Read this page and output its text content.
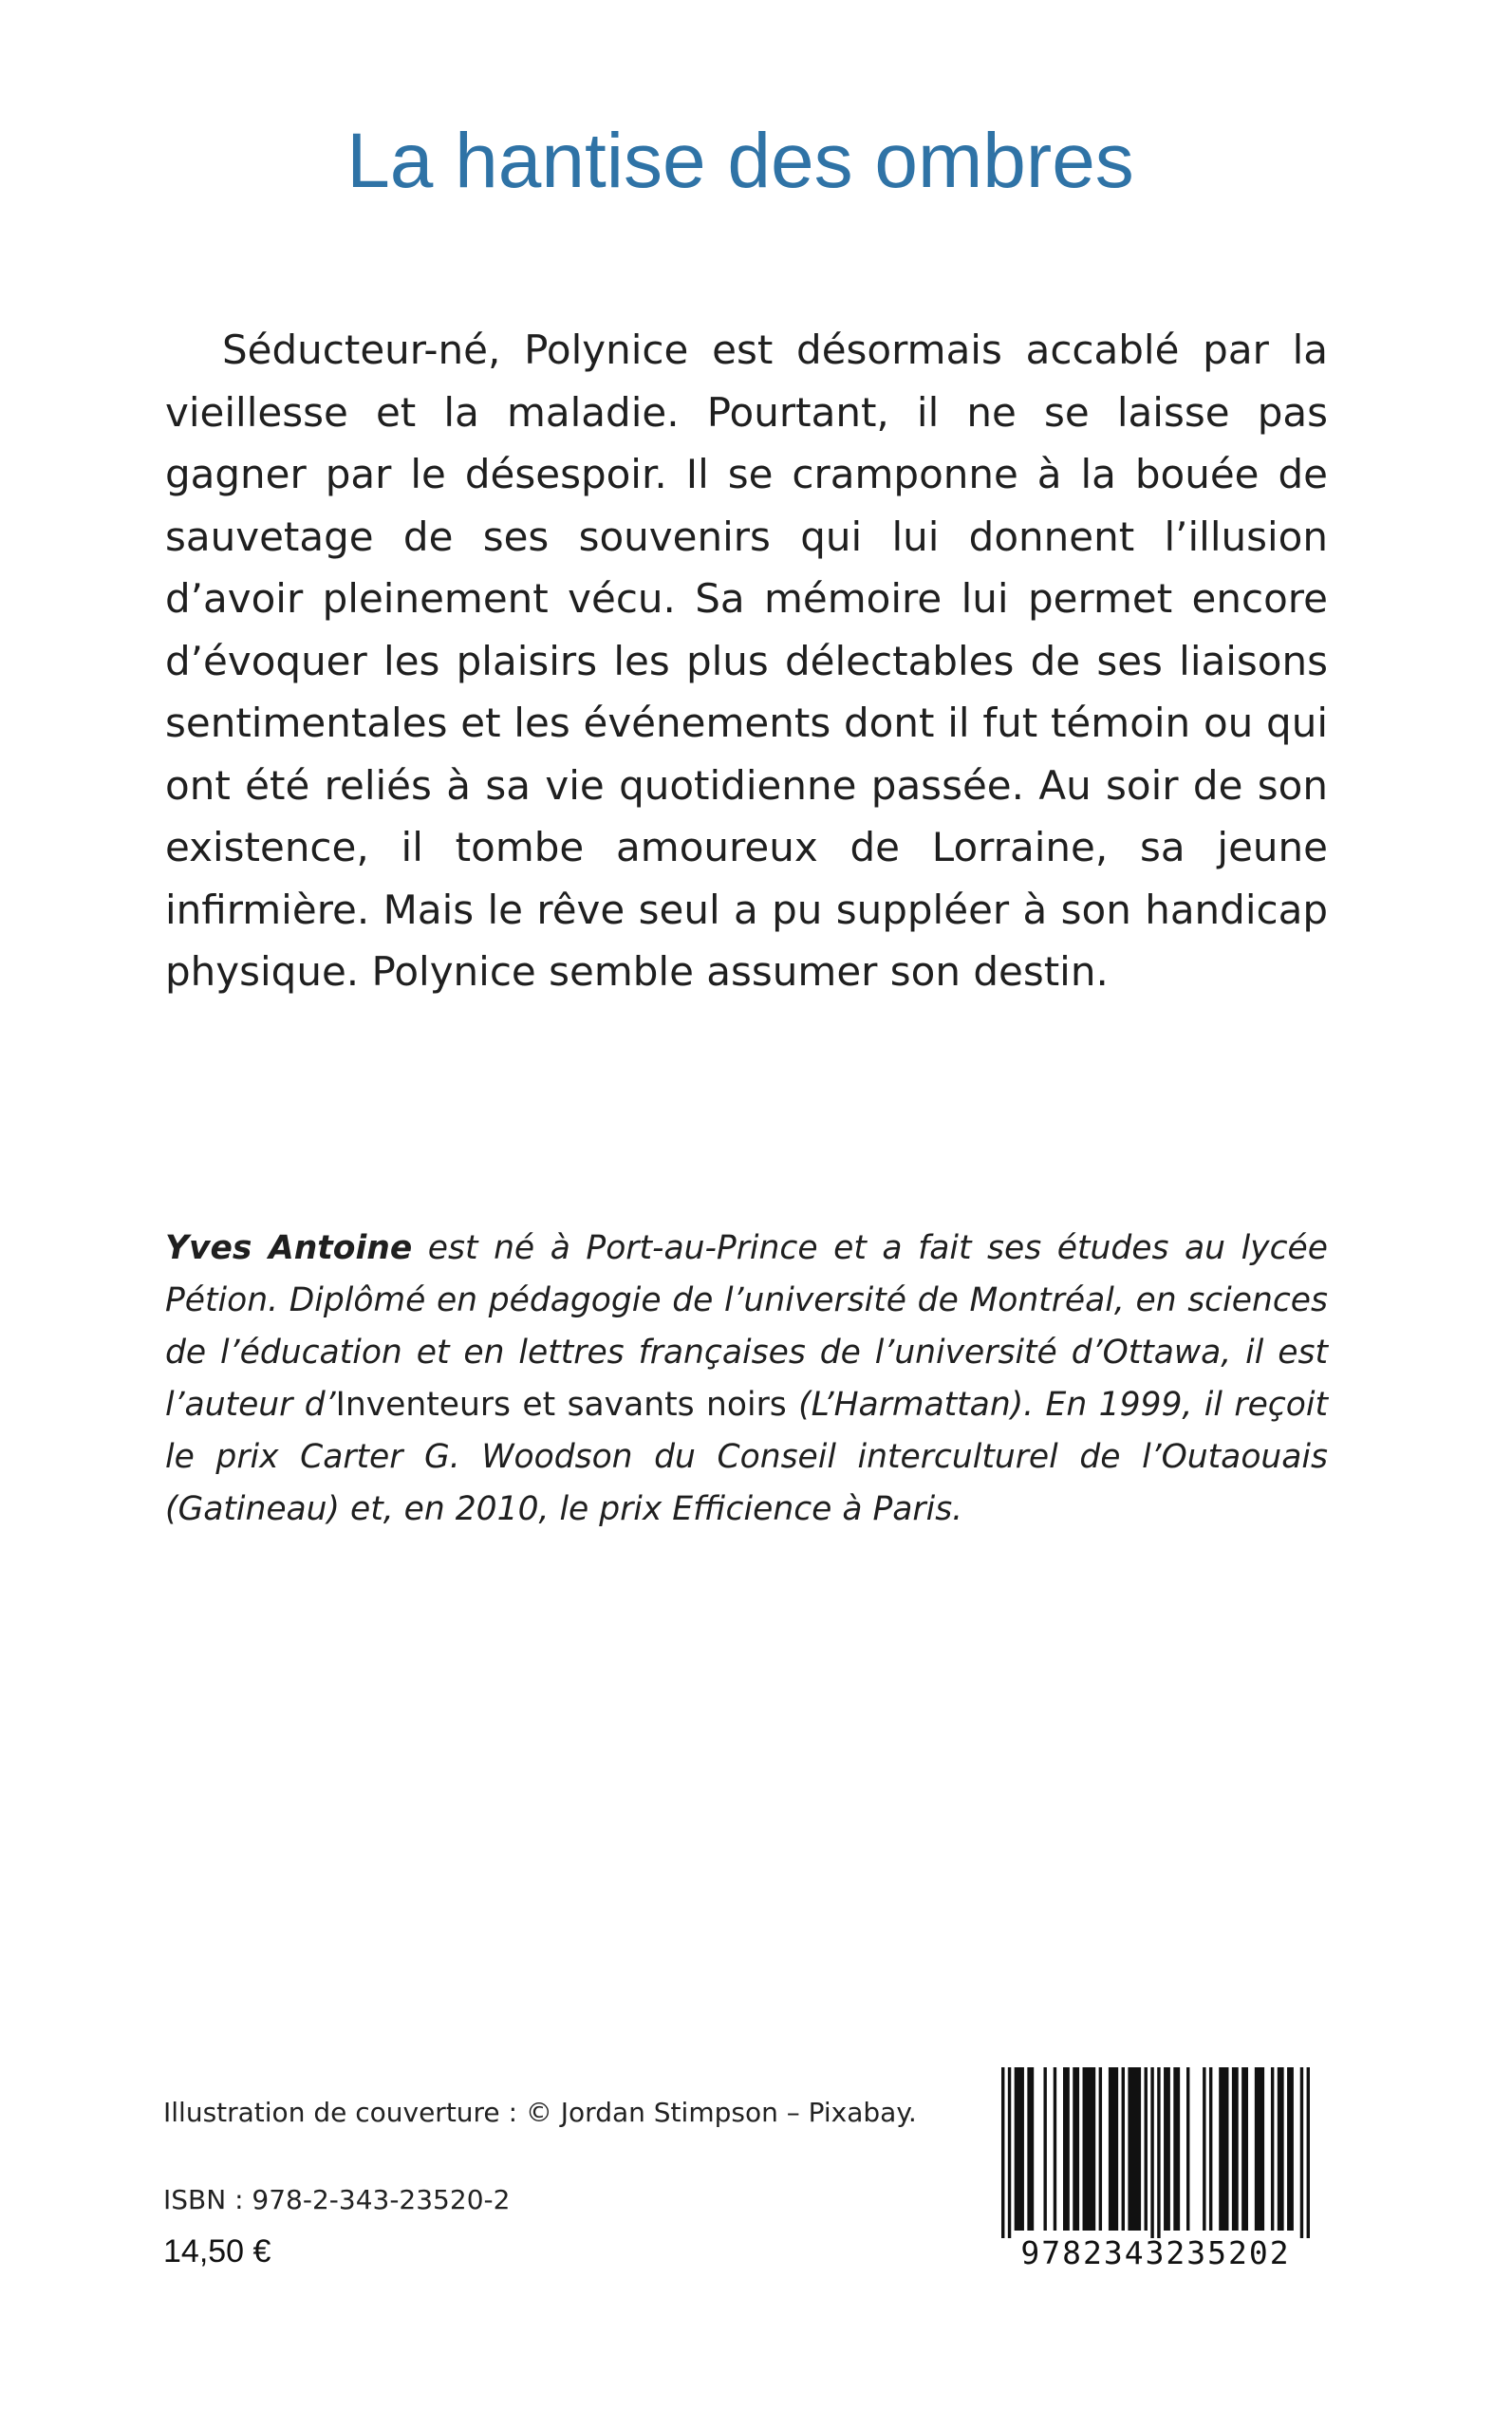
La hantise des ombres

Séducteur-né, Polynice est désormais accablé par la vieillesse et la maladie. Pourtant, il ne se laisse pas gagner par le désespoir. Il se cramponne à la bouée de sauvetage de ses souvenirs qui lui donnent l’illusion d’avoir pleinement vécu. Sa mémoire lui permet encore d’évoquer les plaisirs les plus délectables de ses liaisons sentimentales et les événements dont il fut témoin ou qui ont été reliés à sa vie quotidienne passée. Au soir de son existence, il tombe amoureux de Lorraine, sa jeune infirmière. Mais le rêve seul a pu suppléer à son handicap physique. Polynice semble assumer son destin.

Yves Antoine est né à Port-au-Prince et a fait ses études au lycée Pétion. Diplômé en pédagogie de l’université de Montréal, en sciences de l’éducation et en lettres françaises de l’université d’Ottawa, il est l’auteur d’Inventeurs et savants noirs (L’Harmattan). En 1999, il reçoit le prix Carter G. Woodson du Conseil interculturel de l’Outaouais (Gatineau) et, en 2010, le prix Efficience à Paris.

Illustration de couverture : © Jordan Stimpson – Pixabay.
ISBN : 978-2-343-23520-2
14,50 €	9782343235202
